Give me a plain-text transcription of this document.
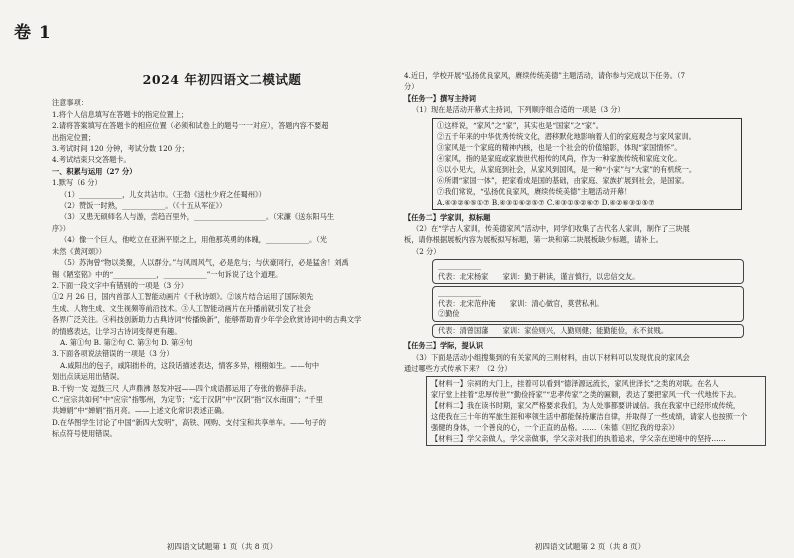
卷 1
2024 年初四语文二模试题
注意事项：
1.将个人信息填写在答题卡的指定位置上；
2.请将答案填写在答题卡的相应位置（必须和试卷上的题号一一对应），答题内容不要超
出指定位置；
3.考试时间 120 分钟，考试分数 120 分；
4.考试结束只交答题卡。
一、积累与运用（27 分）
1.默写（6 分）
（1）____________，儿女共沾巾。（王勃《送杜少府之任蜀州》）
（2）赞饭一时熟，____________。（《十五从军征》）
（3）又患无硕师名人与游，尝趋百里外，____________________。（宋濂《送东阳马生
序》）
（4）像一个巨人，他屹立在亚洲平原之上，用他那英勇的体魄，____________。（光
未然《黄河颂》）
（5）苏洵曾“物以类聚，人以群分。”与风周风气，必是危与；与伏豪同行，必是猛舍！刘禹
锡《陋室铭》中的“____________，____________”一句诉说了这个道理。
2.下面一段文字中有错别的一项是（3 分）
①2 月 26 日，国内首部人工智能动画片《千秋诗颂》。②该片结合运用了国际领先
生成、人物生成、文生视频等前沿技术。③人工智能动画片在升播前就引发了社会
各界广泛关注。④科技创新助力古典诗词“传播焕新”，能够帮助青少年学会欣赏诗词中的古典文学
的情感表达，让学习古诗词变得更有趣。
A. 第①句 B. 第②句 C. 第③句 D. 第④句
3.下面各项说法错误的一项是（3 分）
A.咸阳出的包子，咸阳拙朴的，这段话描述表达，情客多异，栩栩如生。——句中
划出点读运用出错误。
B.千钧一发 逗鼓三尺 人声鼎沸 怒发冲冠——四个成语都运用了夸张的修辞手法。
C.“应宗共如何”中“应宗”指鄂州，为定节；“迄于汉阴”中“汉阴”指“汉水南面”；“千里
共婵娟”中“婵娟”指月亮。——上述文化常识表述正确。
D.在华图学生讨论了中国“新四大发明”，高铁、网购、支付宝和共享单车。——句子的
标点符号使用错误。
4.近日，学校开展“弘扬优良家风，赓续传统美德”主题活动，请你参与完成以下任务。（7
分）
【任务一】撰写主持词
（1）现在是活动开幕式主持词，下列顺序组合适的一项是（3 分）
①这样说，“家风”之“家”，其实也是“国家”之“家”。
②五千年来的中华优秀传统文化，潜移默化地影响着人们的家庭观念与家风家训。
③家风是一个家庭的精神内核，也是一个社会的价值缩影，体现“家国情怀”。
④家风，指的是家庭或家族世代相传的风尚，作为一种家族传统和家庭文化。
⑤以小见大，从家庭到社会，从家风到国风，是一种“小家”与“大家”的有机统一。
⑥所谓“家国一体”，把家看成是国的基础，由家庭、家族扩展到社会，是国家。
⑦我们常说，“弘扬优良家风，赓续传统美德”主题活动开幕！
A.④③②⑥⑤①⑦ B.④③①⑥②⑤⑦ C.④③①⑤②⑥⑦ D.④②⑥③①⑤⑦
【任务二】学家训，拟标题
（2）在“学古人家训，传美德家风”活动中，同学们收集了古代名人家训，制作了三块展
板，请你根据展板内容为展板拟写标题，第一块和第二块展板缺少标题，请补上。
（2 分）
____________
代表：北宋杨家　　家训：勤于耕读，谨言慎行，以忠信交友。
____________
代表：北宋范仲淹　　家训：清心做官，莫营私利。
②勤俭
代表：清曾国藩　　家训：家俭则兴，人勤则健；能勤能俭，永不贫贱。
【任务三】学际，提认识
（3）下面是活动小组搜集到的有关家风的三则材料，由以下材料可以发现优良的家风会
通过哪些方式传承下来？（2 分）
【材料一】宗祠的大门上，挂着可以看到“德泽源远流长，家风世泽长”之类的对联。在名人
家厅堂上挂着“忠厚传世”“勤俭持家”“忠孝传家”之类的匾额，表达了要把家风一代一代地传下去。
【材料二】我在读书时期，家父严格要求我们，为人处事都要讲诚信。我在我家中已经形成传统，
这使我在三十年的军旅生涯和率领生活中都能保持廉洁自律，并取得了一些成绩，请家人也按照一个
强健的身体，一个善良的心，一个正直的品格。……（朱德《回忆我的母亲》）
【材料三】学父亲做人，学父亲做事，学父亲对我们的执着追求，学父亲在逆境中的坚持……
初四语文试题第 1 页（共 8 页）	初四语文试题第 2 页（共 8 页）
